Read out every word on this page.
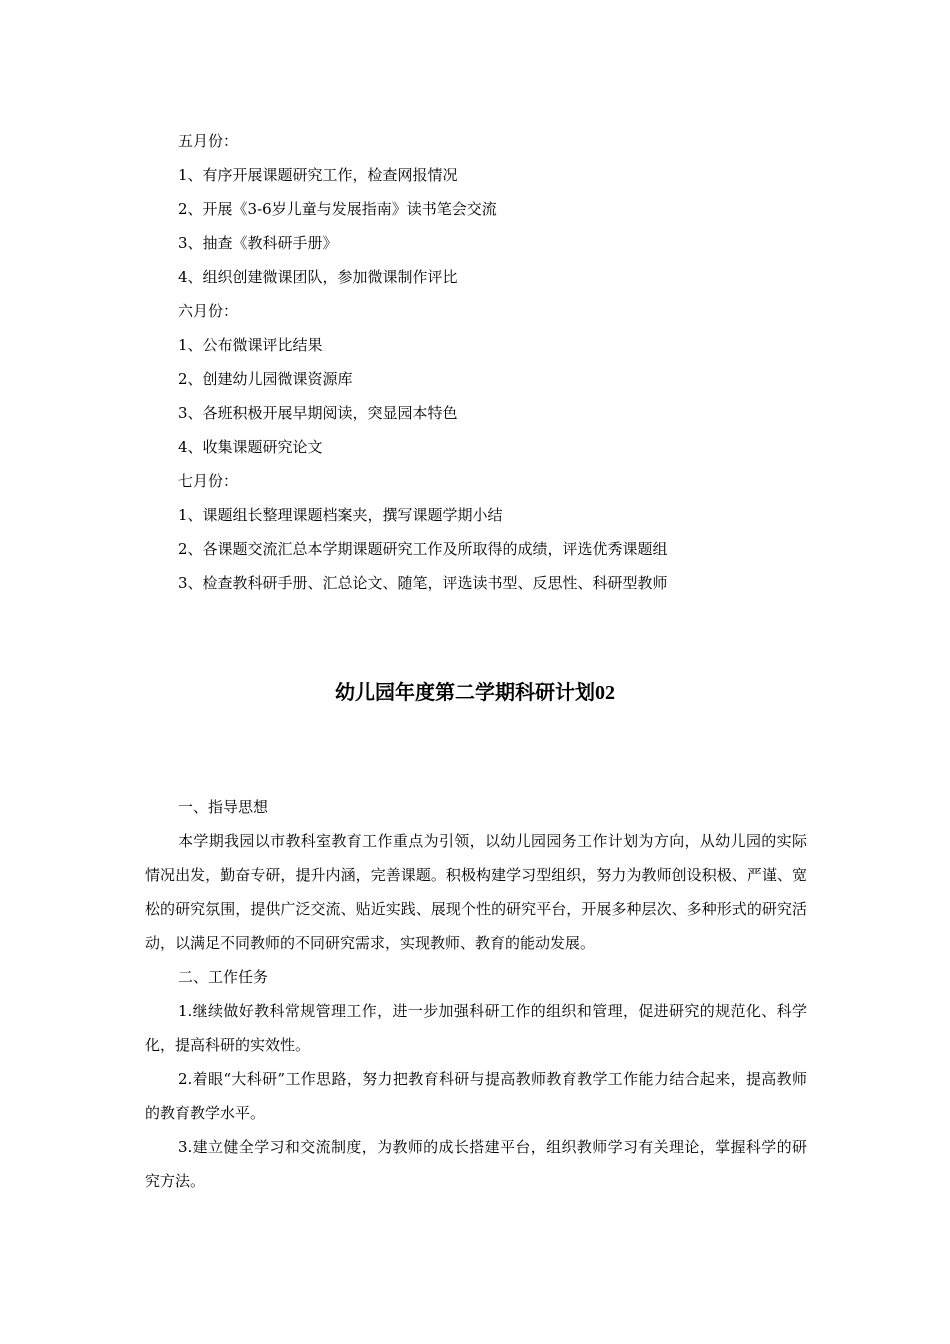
五月份：
1、有序开展课题研究工作，检查网报情况
2、开展《3-6岁儿童与发展指南》读书笔会交流
3、抽查《教科研手册》
4、组织创建微课团队，参加微课制作评比
六月份：
1、公布微课评比结果
2、创建幼儿园微课资源库
3、各班积极开展早期阅读，突显园本特色
4、收集课题研究论文
七月份：
1、课题组长整理课题档案夹，撰写课题学期小结
2、各课题交流汇总本学期课题研究工作及所取得的成绩，评选优秀课题组
3、检查教科研手册、汇总论文、随笔，评选读书型、反思性、科研型教师
幼儿园年度第二学期科研计划02
一、指导思想

本学期我园以市教科室教育工作重点为引领，以幼儿园园务工作计划为方向，从幼儿园的实际情况出发，勤奋专研，提升内涵，完善课题。积极构建学习型组织，努力为教师创设积极、严谨、宽松的研究氛围，提供广泛交流、贴近实践、展现个性的研究平台，开展多种层次、多种形式的研究活动，以满足不同教师的不同研究需求，实现教师、教育的能动发展。

二、工作任务

1.继续做好教科常规管理工作，进一步加强科研工作的组织和管理，促进研究的规范化、科学化，提高科研的实效性。

2.着眼“大科研”工作思路，努力把教育科研与提高教师教育教学工作能力结合起来，提高教师的教育教学水平。

3.建立健全学习和交流制度，为教师的成长搭建平台，组织教师学习有关理论，掌握科学的研究方法。
